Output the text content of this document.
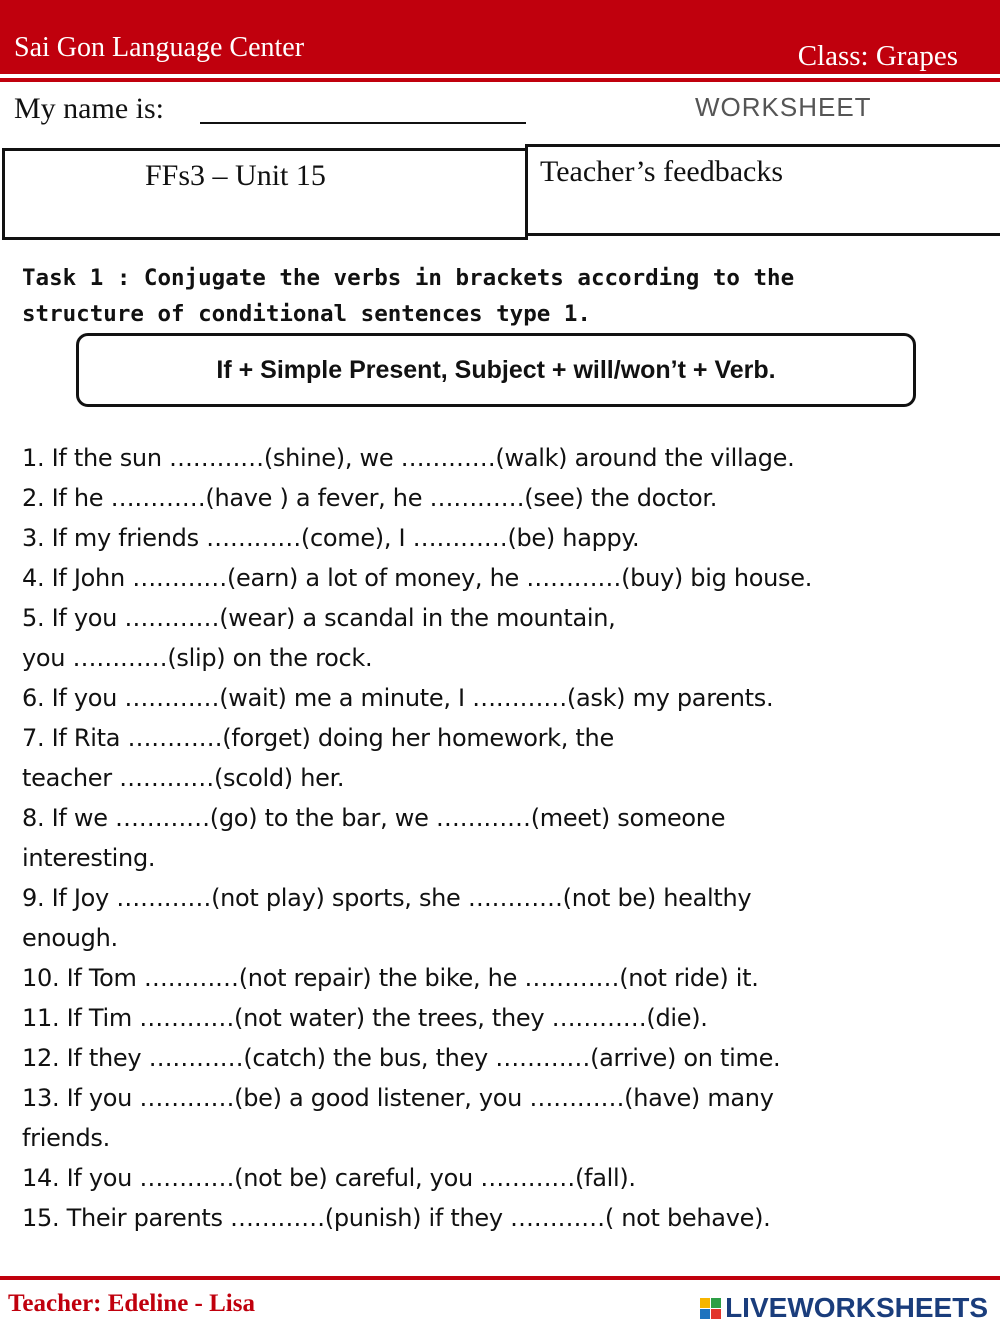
Sai Gon Language Center	Class: Grapes
My name is:	WORKSHEET
FFs3 – Unit 15	Teacher’s feedbacks
Task 1 : Conjugate the verbs in brackets according to the
structure of conditional sentences type 1.
If + Simple Present, Subject + will/won’t + Verb.
1. If the sun …………(shine), we …………(walk) around the village.
2. If he …………(have ) a fever, he …………(see) the doctor.
3. If my friends …………(come), I …………(be) happy.
4. If John …………(earn) a lot of money, he …………(buy) big house.
5. If you …………(wear) a scandal in the mountain,
you …………(slip) on the rock.
6. If you …………(wait) me a minute, I …………(ask) my parents.
7. If Rita …………(forget) doing her homework, the
teacher …………(scold) her.
8. If we …………(go) to the bar, we …………(meet) someone
interesting.
9. If Joy …………(not play) sports, she …………(not be) healthy
enough.
10. If Tom …………(not repair) the bike, he …………(not ride) it.
11. If Tim …………(not water) the trees, they …………(die).
12. If they …………(catch) the bus, they …………(arrive) on time.
13. If you …………(be) a good listener, you …………(have) many
friends.
14. If you …………(not be) careful, you …………(fall).
15. Their parents …………(punish) if they …………( not behave).
Teacher: Edeline - Lisa	LIVEWORKSHEETS
